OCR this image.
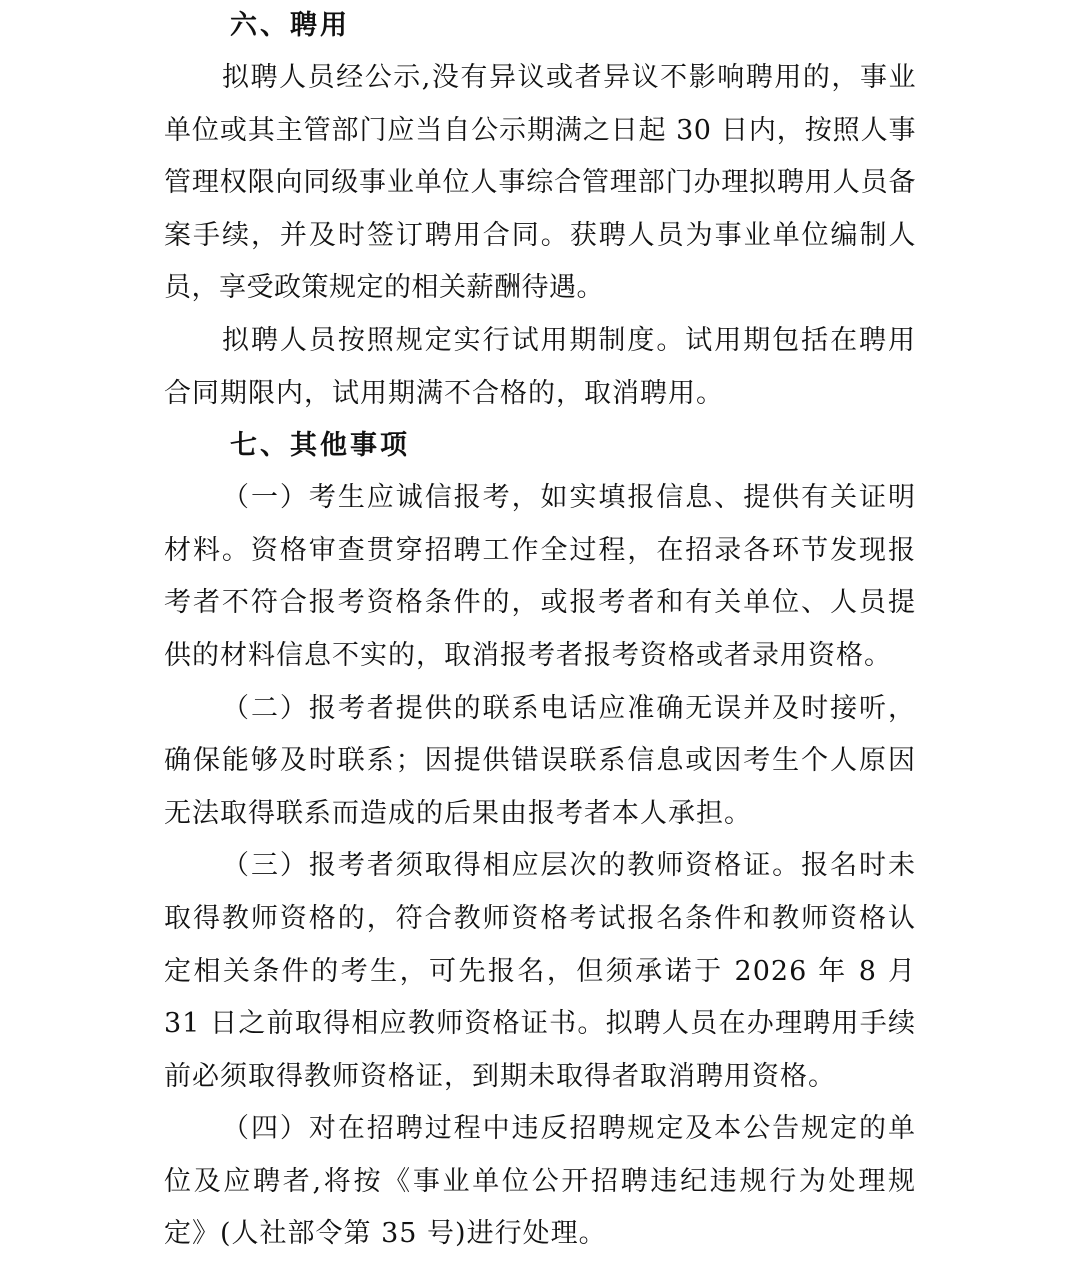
六、聘用

拟聘人员经公示,没有异议或者异议不影响聘用的，事业单位或其主管部门应当自公示期满之日起 30 日内，按照人事管理权限向同级事业单位人事综合管理部门办理拟聘用人员备案手续，并及时签订聘用合同。获聘人员为事业单位编制人员，享受政策规定的相关薪酬待遇。

拟聘人员按照规定实行试用期制度。试用期包括在聘用合同期限内，试用期满不合格的，取消聘用。

七、其他事项

（一）考生应诚信报考，如实填报信息、提供有关证明材料。资格审查贯穿招聘工作全过程，在招录各环节发现报考者不符合报考资格条件的，或报考者和有关单位、人员提供的材料信息不实的，取消报考者报考资格或者录用资格。

（二）报考者提供的联系电话应准确无误并及时接听，确保能够及时联系；因提供错误联系信息或因考生个人原因无法取得联系而造成的后果由报考者本人承担。

（三）报考者须取得相应层次的教师资格证。报名时未取得教师资格的，符合教师资格考试报名条件和教师资格认定相关条件的考生，可先报名，但须承诺于 2026 年 8 月 31 日之前取得相应教师资格证书。拟聘人员在办理聘用手续前必须取得教师资格证，到期未取得者取消聘用资格。

（四）对在招聘过程中违反招聘规定及本公告规定的单位及应聘者,将按《事业单位公开招聘违纪违规行为处理规定》(人社部令第 35 号)进行处理。
